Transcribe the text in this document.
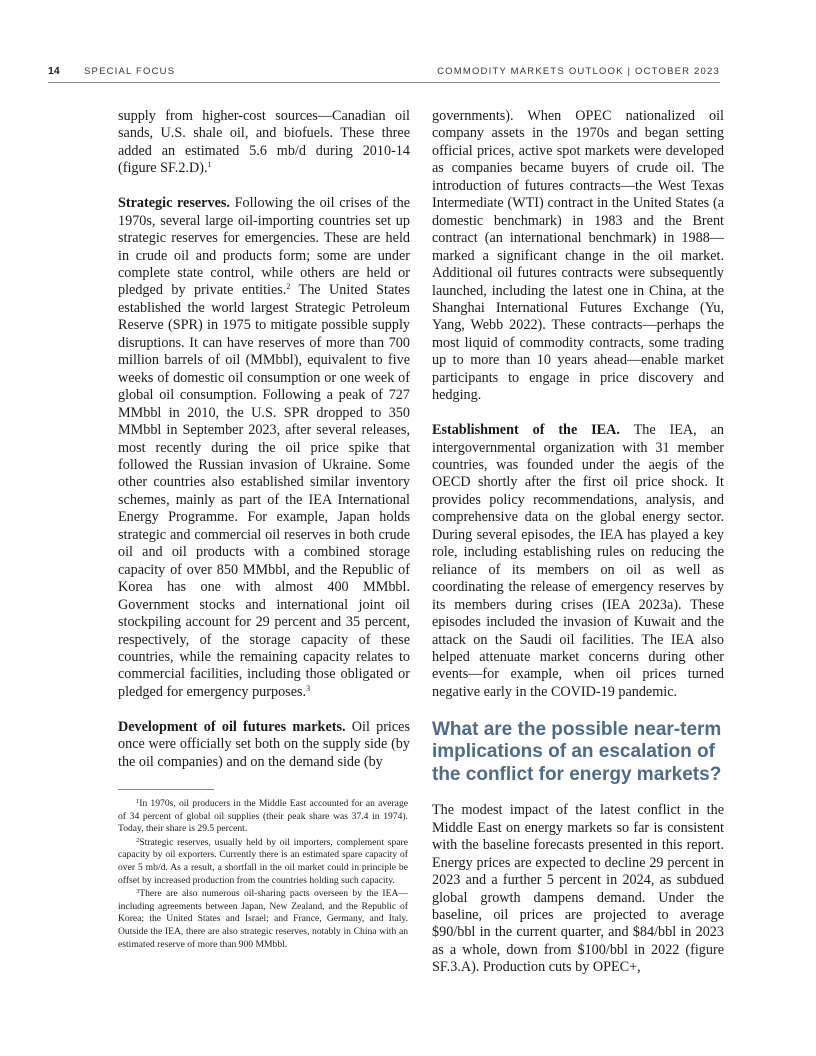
14	SPECIAL FOCUS	COMMODITY MARKETS OUTLOOK | OCTOBER 2023

supply from higher-cost sources—Canadian oil sands, U.S. shale oil, and biofuels. These three added an estimated 5.6 mb/d during 2010-14 (figure SF.2.D).$^1$

Strategic reserves. Following the oil crises of the 1970s, several large oil-importing countries set up strategic reserves for emergencies. These are held in crude oil and products form; some are under complete state control, while others are held or pledged by private entities.$^2$ The United States established the world largest Strategic Petroleum Reserve (SPR) in 1975 to mitigate possible supply disruptions. It can have reserves of more than 700 million barrels of oil (MMbbl), equivalent to five weeks of domestic oil consumption or one week of global oil consumption. Following a peak of 727 MMbbl in 2010, the U.S. SPR dropped to 350 MMbbl in September 2023, after several releases, most recently during the oil price spike that followed the Russian invasion of Ukraine. Some other countries also established similar inventory schemes, mainly as part of the IEA International Energy Programme. For example, Japan holds strategic and commercial oil reserves in both crude oil and oil products with a combined storage capacity of over 850 MMbbl, and the Republic of Korea has one with almost 400 MMbbl. Government stocks and international joint oil stockpiling account for 29 percent and 35 percent, respectively, of the storage capacity of these countries, while the remaining capacity relates to commercial facilities, including those obligated or pledged for emergency purposes.$^3$

Development of oil futures markets. Oil prices once were officially set both on the supply side (by the oil companies) and on the demand side (by

$^1$In 1970s, oil producers in the Middle East accounted for an average of 34 percent of global oil supplies (their peak share was 37.4 in 1974). Today, their share is 29.5 percent.

$^2$Strategic reserves, usually held by oil importers, complement spare capacity by oil exporters. Currently there is an estimated spare capacity of over 5 mb/d. As a result, a shortfall in the oil market could in principle be offset by increased production from the countries holding such capacity.

$^3$There are also numerous oil-sharing pacts overseen by the IEA—including agreements between Japan, New Zealand, and the Republic of Korea; the United States and Israel; and France, Germany, and Italy. Outside the IEA, there are also strategic reserves, notably in China with an estimated reserve of more than 900 MMbbl.

governments). When OPEC nationalized oil company assets in the 1970s and began setting official prices, active spot markets were developed as companies became buyers of crude oil. The introduction of futures contracts—the West Texas Intermediate (WTI) contract in the United States (a domestic benchmark) in 1983 and the Brent contract (an international benchmark) in 1988—marked a significant change in the oil market. Additional oil futures contracts were subsequently launched, including the latest one in China, at the Shanghai International Futures Exchange (Yu, Yang, Webb 2022). These contracts—perhaps the most liquid of commodity contracts, some trading up to more than 10 years ahead—enable market participants to engage in price discovery and hedging.

Establishment of the IEA. The IEA, an intergovernmental organization with 31 member countries, was founded under the aegis of the OECD shortly after the first oil price shock. It provides policy recommendations, analysis, and comprehensive data on the global energy sector. During several episodes, the IEA has played a key role, including establishing rules on reducing the reliance of its members on oil as well as coordinating the release of emergency reserves by its members during crises (IEA 2023a). These episodes included the invasion of Kuwait and the attack on the Saudi oil facilities. The IEA also helped attenuate market concerns during other events—for example, when oil prices turned negative early in the COVID-19 pandemic.

What are the possible near-term implications of an escalation of the conflict for energy markets?

The modest impact of the latest conflict in the Middle East on energy markets so far is consistent with the baseline forecasts presented in this report. Energy prices are expected to decline 29 percent in 2023 and a further 5 percent in 2024, as subdued global growth dampens demand. Under the baseline, oil prices are projected to average $90/bbl in the current quarter, and $84/bbl in 2023 as a whole, down from $100/bbl in 2022 (figure SF.3.A). Production cuts by OPEC+,
